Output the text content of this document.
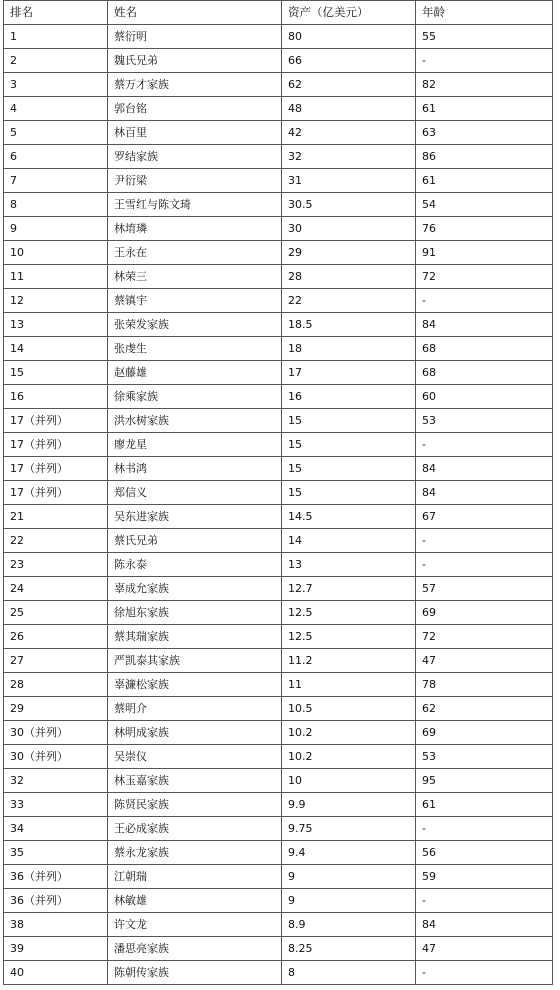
排名	姓名	资产（亿美元）	年龄
1	蔡衍明	80	55
2	魏氏兄弟	66	-
3	蔡万才家族	62	82
4	郭台铭	48	61
5	林百里	42	63
6	罗结家族	32	86
7	尹衍梁	31	61
8	王雪红与陈文琦	30.5	54
9	林堉璘	30	76
10	王永在	29	91
11	林荣三	28	72
12	蔡镇宇	22	-
13	张荣发家族	18.5	84
14	张虔生	18	68
15	赵藤雄	17	68
16	徐乘家族	16	60
17（并列）	洪水树家族	15	53
17（并列）	廖龙星	15	-
17（并列）	林书鸿	15	84
17（并列）	郑信义	15	84
21	吴东进家族	14.5	67
22	蔡氏兄弟	14	-
23	陈永泰	13	-
24	辜成允家族	12.7	57
25	徐旭东家族	12.5	69
26	蔡其瑞家族	12.5	72
27	严凯泰其家族	11.2	47
28	辜濂松家族	11	78
29	蔡明介	10.5	62
30（并列）	林明成家族	10.2	69
30（并列）	吴崇仪	10.2	53
32	林玉嘉家族	10	95
33	陈贤民家族	9.9	61
34	王必成家族	9.75	-
35	蔡永龙家族	9.4	56
36（并列）	江朝瑞	9	59
36（并列）	林敏雄	9	-
38	许文龙	8.9	84
39	潘思亮家族	8.25	47
40	陈朝传家族	8	-
